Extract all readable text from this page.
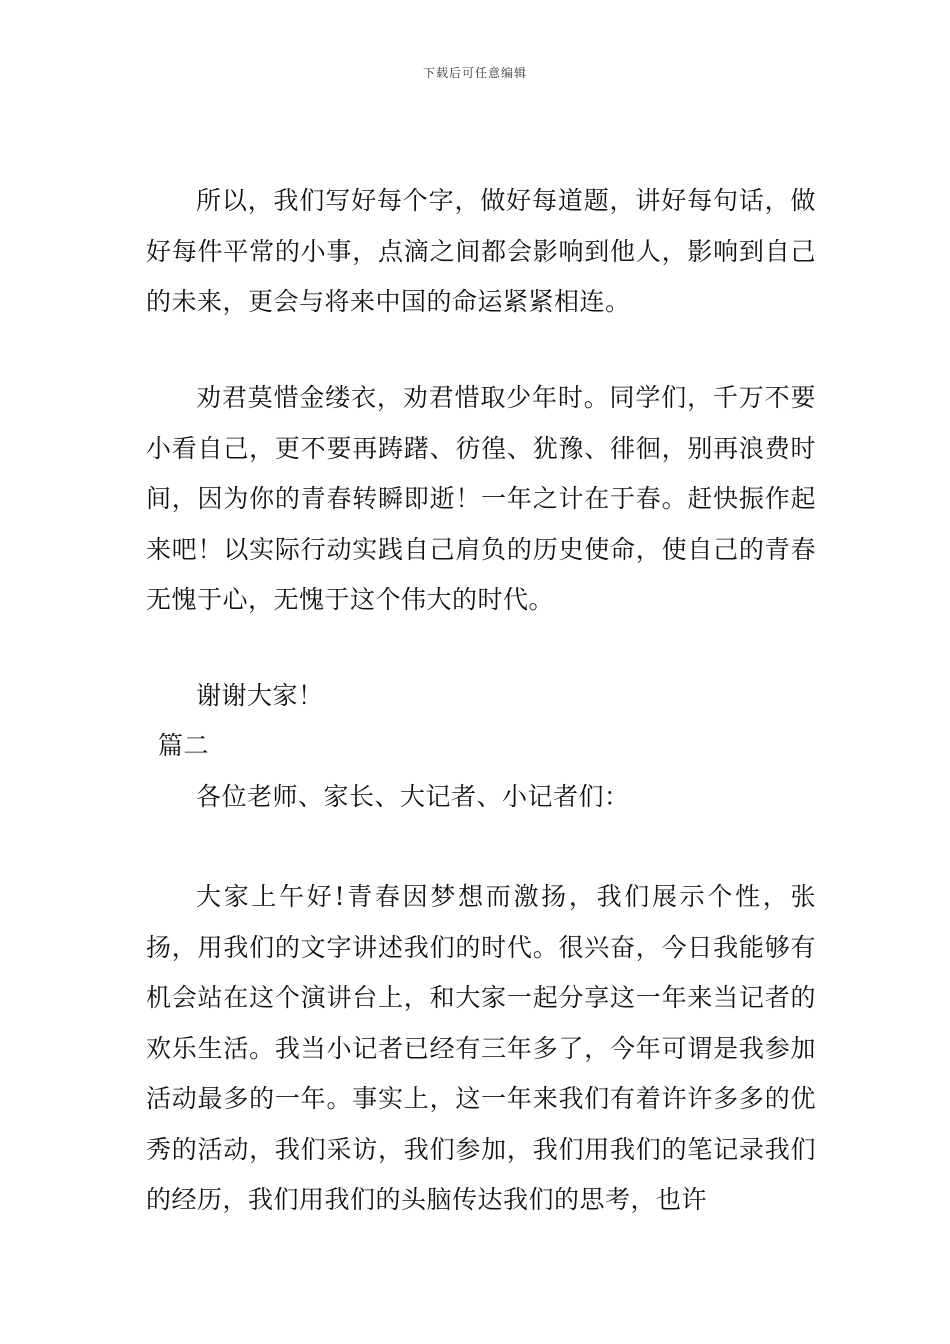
下载后可任意编辑

所以，我们写好每个字，做好每道题，讲好每句话，做好每件平常的小事，点滴之间都会影响到他人，影响到自己的未来，更会与将来中国的命运紧紧相连。

劝君莫惜金缕衣，劝君惜取少年时。同学们，千万不要小看自己，更不要再踌躇、彷徨、犹豫、徘徊，别再浪费时间，因为你的青春转瞬即逝！一年之计在于春。赶快振作起来吧！以实际行动实践自己肩负的历史使命，使自己的青春无愧于心，无愧于这个伟大的时代。

谢谢大家！
篇二
各位老师、家长、大记者、小记者们：

大家上午好!青春因梦想而激扬，我们展示个性，张扬，用我们的文字讲述我们的时代。很兴奋，今日我能够有机会站在这个演讲台上，和大家一起分享这一年来当记者的欢乐生活。我当小记者已经有三年多了，今年可谓是我参加活动最多的一年。事实上，这一年来我们有着许许多多的优秀的活动，我们采访，我们参加，我们用我们的笔记录我们的经历，我们用我们的头脑传达我们的思考，也许
